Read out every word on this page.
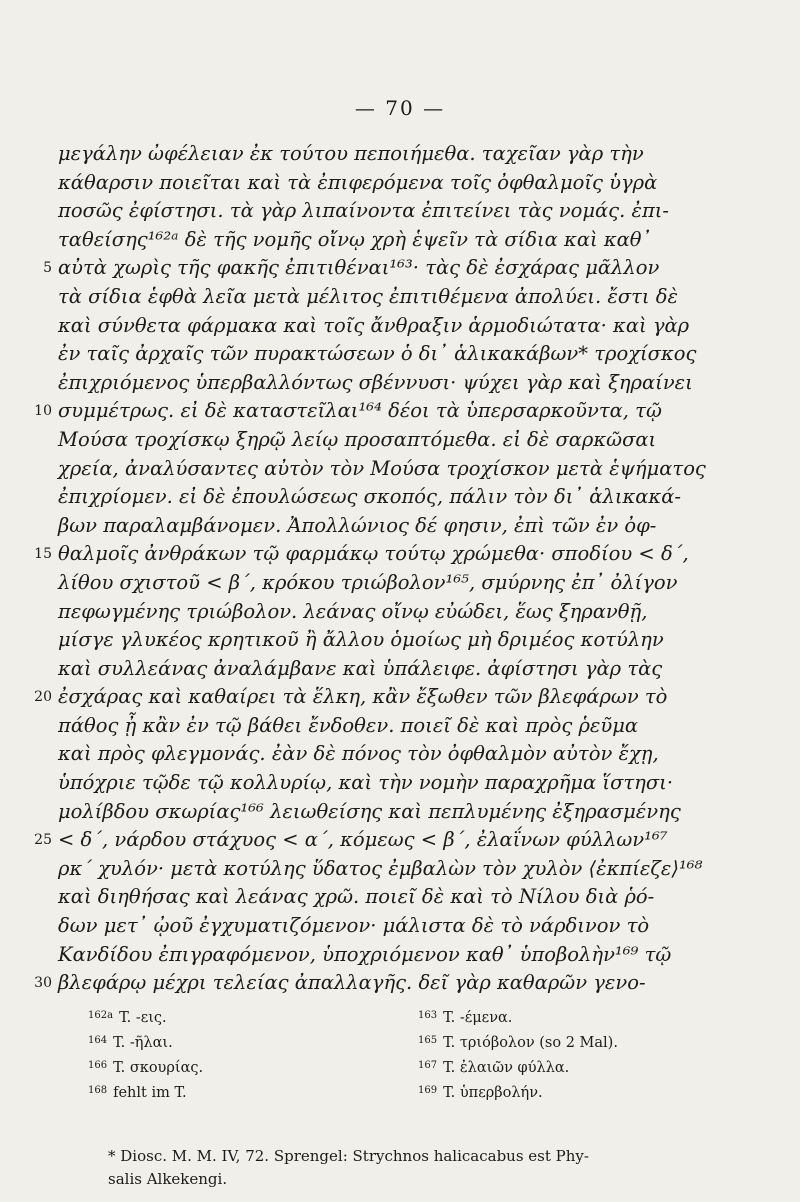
— 70 —
μεγάλην ὠφέλειαν ἐκ τούτου πεποιήμεθα. ταχεῖαν γὰρ τὴν
κάθαρσιν ποιεῖται καὶ τὰ ἐπιφερόμενα τοῖς ὀφθαλμοῖς ὑγρὰ
ποσῶς ἐφίστησι. τὰ γὰρ λιπαίνοντα ἐπιτείνει τὰς νομάς. ἐπι-
ταθείσης¹⁶²ᵃ δὲ τῆς νομῆς οἴνῳ χρὴ ἑψεῖν τὰ σίδια καὶ καθ᾽
5 αὐτὰ χωρὶς τῆς φακῆς ἐπιτιθέναι¹⁶³· τὰς δὲ ἐσχάρας μᾶλλον
τὰ σίδια ἑφθὰ λεῖα μετὰ μέλιτος ἐπιτιθέμενα ἀπολύει. ἔστι δὲ
καὶ σύνθετα φάρμακα καὶ τοῖς ἄνθραξιν ἁρμοδιώτατα· καὶ γὰρ
ἐν ταῖς ἀρχαῖς τῶν πυρακτώσεων ὁ δι᾽ ἁλικακάβων* τροχίσκος
ἐπιχριόμενος ὑπερβαλλόντως σβέννυσι· ψύχει γὰρ καὶ ξηραίνει
10 συμμέτρως. εἰ δὲ καταστεῖλαι¹⁶⁴ δέοι τὰ ὑπερσαρκοῦντα, τῷ
Μούσα τροχίσκῳ ξηρῷ λείῳ προσαπτόμεθα. εἰ δὲ σαρκῶσαι
χρεία, ἀναλύσαντες αὐτὸν τὸν Μούσα τροχίσκον μετὰ ἑψήματος
ἐπιχρίομεν. εἰ δὲ ἐπουλώσεως σκοπός, πάλιν τὸν δι᾽ ἁλικακά-
βων παραλαμβάνομεν. Ἀπολλώνιος δέ φησιν, ἐπὶ τῶν ἐν ὀφ-
15 θαλμοῖς ἀνθράκων τῷ φαρμάκῳ τούτῳ χρώμεθα· σποδίου < δ´,
λίθου σχιστοῦ < β´, κρόκου τριώβολον¹⁶⁵, σμύρνης ἐπ᾽ ὀλίγον
πεφωγμένης τριώβολον. λεάνας οἴνῳ εὐώδει, ἕως ξηρανθῇ,
μίσγε γλυκέος κρητικοῦ ἢ ἄλλου ὁμοίως μὴ δριμέος κοτύλην
καὶ συλλεάνας ἀναλάμβανε καὶ ὑπάλειφε. ἀφίστησι γὰρ τὰς
20 ἐσχάρας καὶ καθαίρει τὰ ἕλκη, κἂν ἔξωθεν τῶν βλεφάρων τὸ
πάθος ᾖ κἂν ἐν τῷ βάθει ἔνδοθεν. ποιεῖ δὲ καὶ πρὸς ῥεῦμα
καὶ πρὸς φλεγμονάς. ἐὰν δὲ πόνος τὸν ὀφθαλμὸν αὐτὸν ἔχῃ,
ὑπόχριε τῷδε τῷ κολλυρίῳ, καὶ τὴν νομὴν παραχρῆμα ἵστησι·
μολίβδου σκωρίας¹⁶⁶ λειωθείσης καὶ πεπλυμένης ἐξηρασμένης
25 < δ´, νάρδου στάχυος < α´, κόμεως < β´, ἐλαΐνων φύλλων¹⁶⁷
ρκ´ χυλόν· μετὰ κοτύλης ὕδατος ἐμβαλὼν τὸν χυλὸν ⟨ἐκπίεζε⟩¹⁶⁸
καὶ διηθήσας καὶ λεάνας χρῶ. ποιεῖ δὲ καὶ τὸ Νίλου διὰ ῥό-
δων μετ᾽ ᾠοῦ ἐγχυματιζόμενον· μάλιστα δὲ τὸ νάρδινον τὸ
Κανδίδου ἐπιγραφόμενον, ὑποχριόμενον καθ᾽ ὑποβολὴν¹⁶⁹ τῷ
30 βλεφάρῳ μέχρι τελείας ἀπαλλαγῆς. δεῖ γὰρ καθαρῶν γενο-
$^{162a}$ T. -εις.	$^{163}$ T. -έμενα.
$^{164}$ T. -ῆλαι.	$^{165}$ T. τριόβολον (so 2 Mal).
$^{166}$ T. σκουρίας.	$^{167}$ T. ἐλαιῶν φύλλα.
$^{168}$ fehlt im T.	$^{169}$ T. ὑπερβολήν.
* Diosc. M. M. IV, 72. Sprengel: Strychnos halicacabus est Phy-
salis Alkekengi.
